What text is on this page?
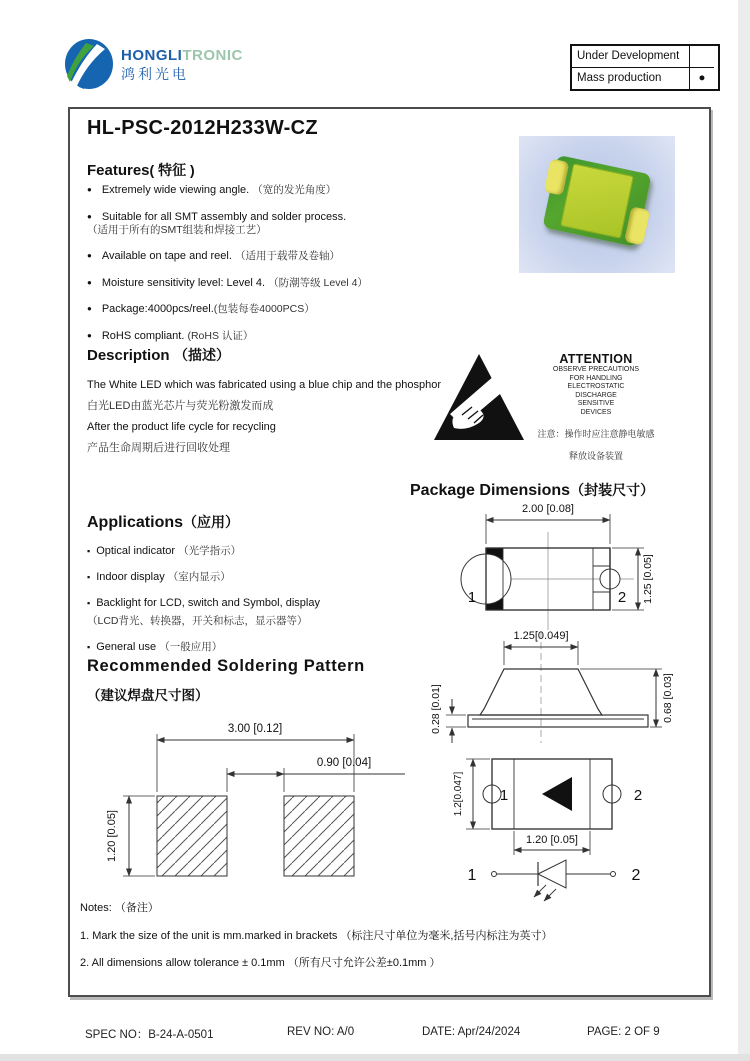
HONGLITRONIC
鸿利光电
Under Development
Mass production	●
HL-PSC-2012H233W-CZ
Features( 特征 )
● Extremely wide viewing angle. （宽的发光角度）
● Suitable for all SMT assembly and solder process. （适用于所有的SMT组装和焊接工艺）
● Available on tape and reel. （适用于载带及卷轴）
● Moisture sensitivity level: Level 4. （防潮等级 Level 4）
● Package:4000pcs/reel.(包装每卷4000PCS）
● RoHS compliant. (RoHS 认证）
Description （描述）
The White LED which was fabricated using a blue chip and the phosphor
白光LED由蓝光芯片与荧光粉激发而成
After the product life cycle for recycling
产品生命周期后进行回收处理
ATTENTION
OBSERVE PRECAUTIONS
FOR HANDLING
ELECTROSTATIC
DISCHARGE
SENSITIVE
DEVICES
注意：操作时应注意静电敏感
释放设备装置
Package Dimensions（封装尺寸）
2.00 [0.08]
1	2 1.25 [0.05]
1.25[0.049]
0.28 [0.01]	0.68 [0.03]
1	2
1.2[0.047]
1.20 [0.05]
1	2
Applications（应用）
▪ Optical indicator （光学指示）
▪ Indoor display （室内显示）
▪ Backlight for LCD, switch and Symbol, display
（LCD背光、转换器，开关和标志，显示器等）
▪ General use （一般应用）
Recommended Soldering Pattern
（建议焊盘尺寸图）
3.00 [0.12]
0.90 [0.04]
1.20 [0.05]
Notes: （备注）
1. Mark the size of the unit is mm.marked in brackets （标注尺寸单位为毫米,括号内标注为英寸）
2. All dimensions allow tolerance ± 0.1mm （所有尺寸允许公差±0.1mm ）
SPEC NO：B-24-A-0501	REV NO: A/0	DATE: Apr/24/2024	PAGE: 2 OF 9
